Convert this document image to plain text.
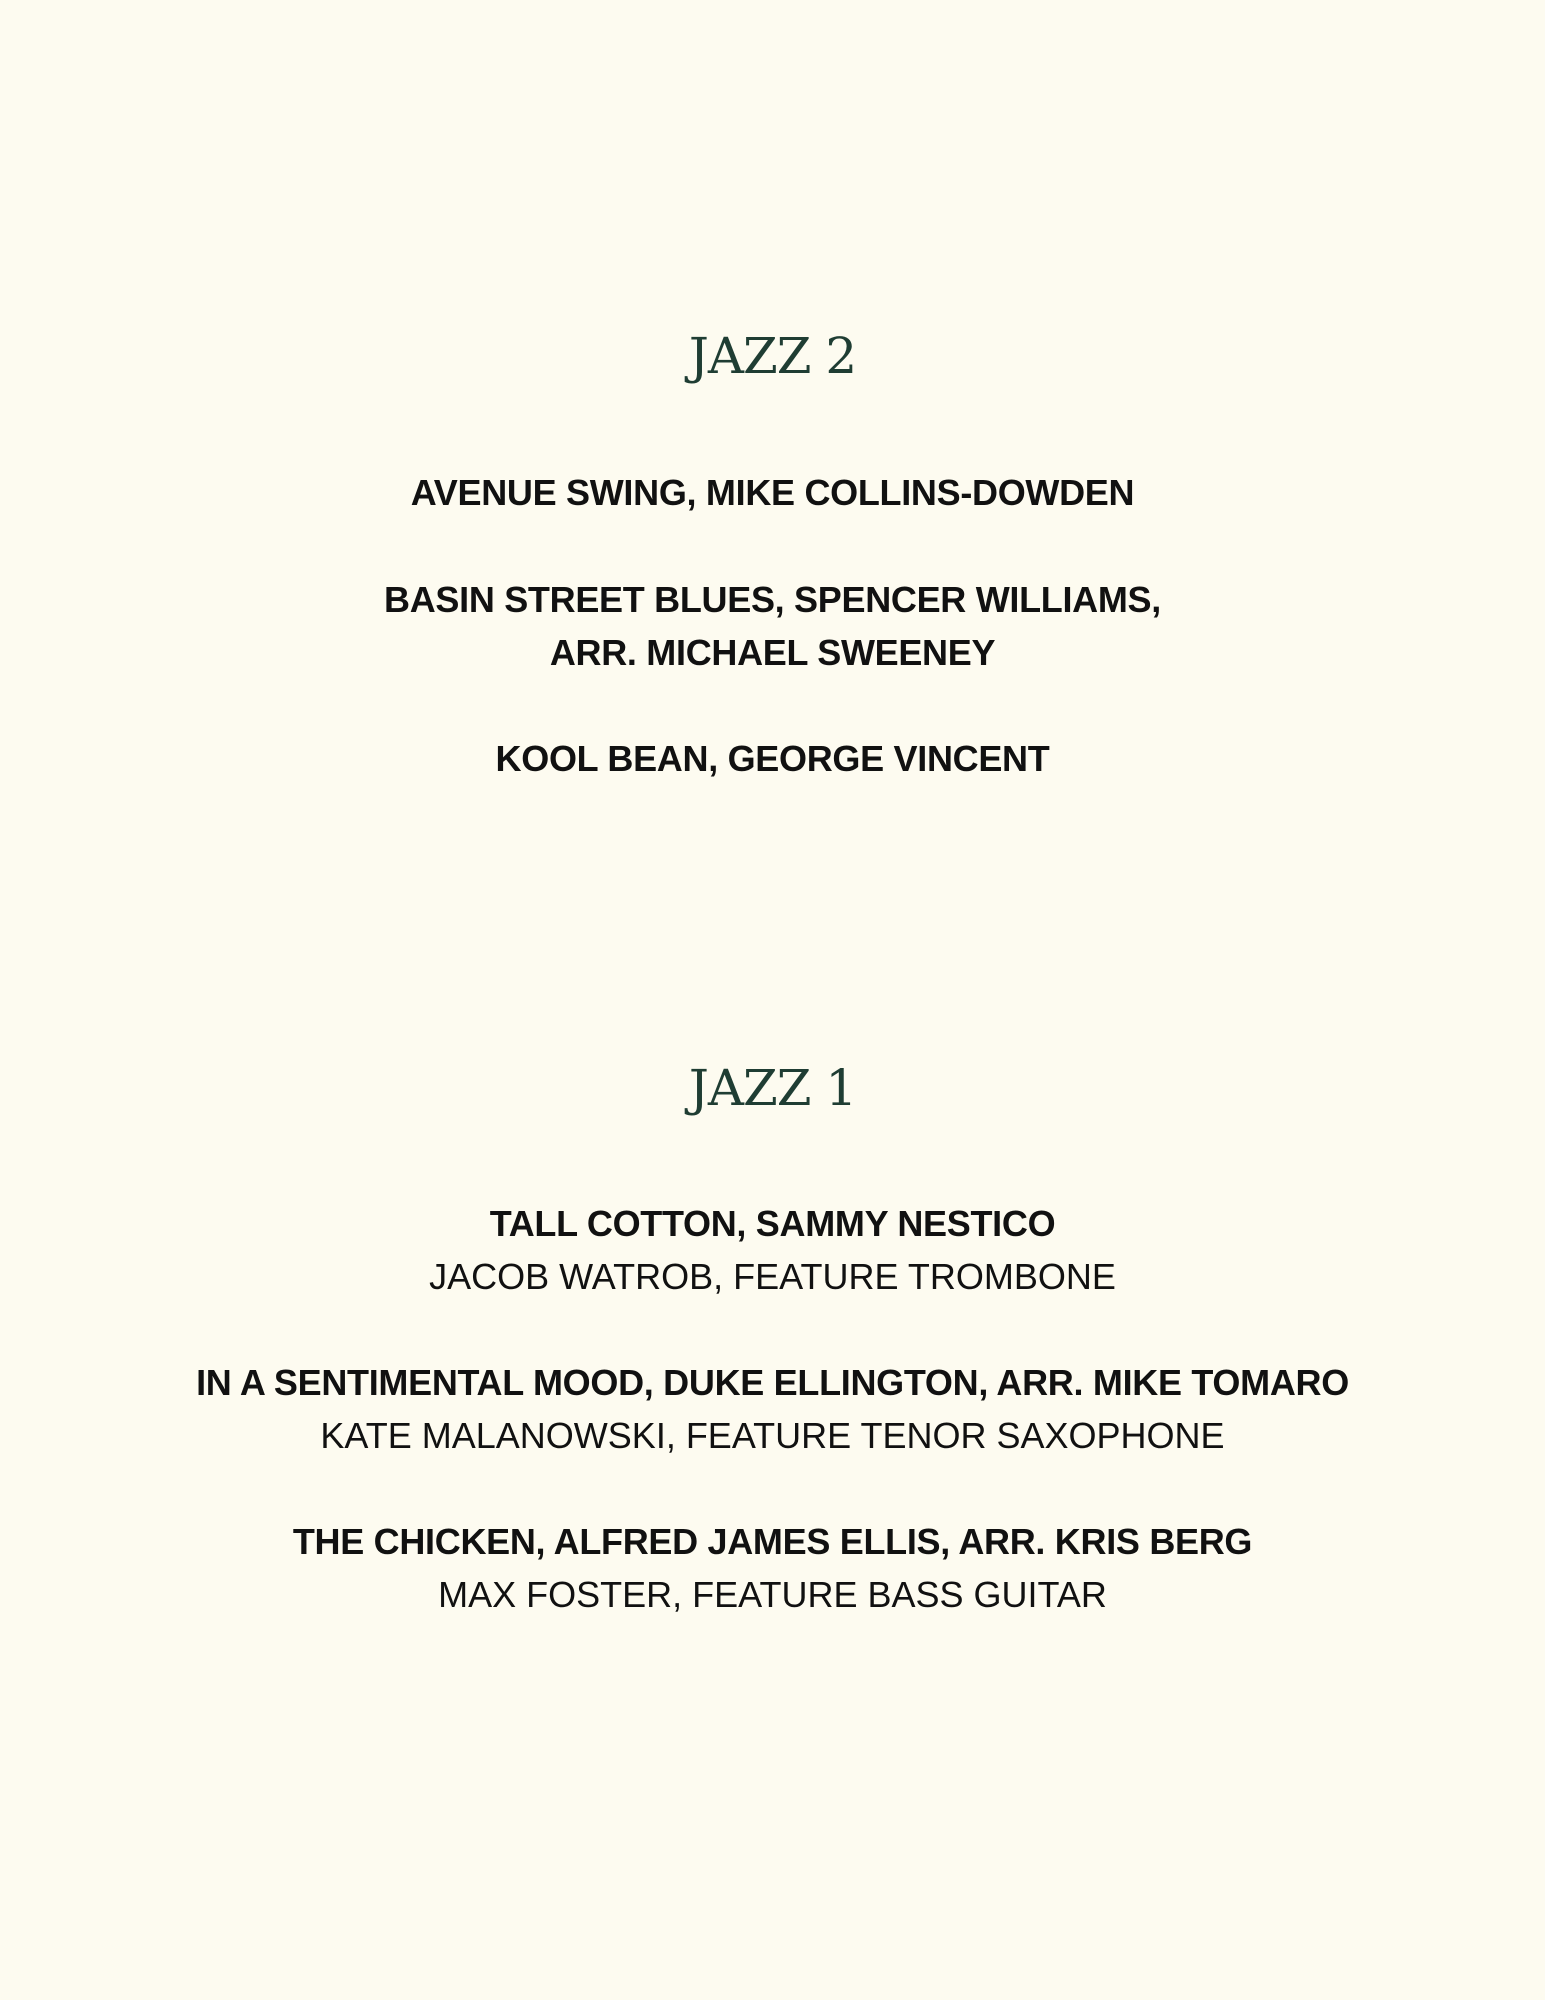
JAZZ 2
AVENUE SWING, MIKE COLLINS-DOWDEN
BASIN STREET BLUES, SPENCER WILLIAMS,
ARR. MICHAEL SWEENEY
KOOL BEAN, GEORGE VINCENT
JAZZ 1
TALL COTTON, SAMMY NESTICO
JACOB WATROB, FEATURE TROMBONE
IN A SENTIMENTAL MOOD, DUKE ELLINGTON, ARR. MIKE TOMARO
KATE MALANOWSKI, FEATURE TENOR SAXOPHONE
THE CHICKEN, ALFRED JAMES ELLIS, ARR. KRIS BERG
MAX FOSTER, FEATURE BASS GUITAR
